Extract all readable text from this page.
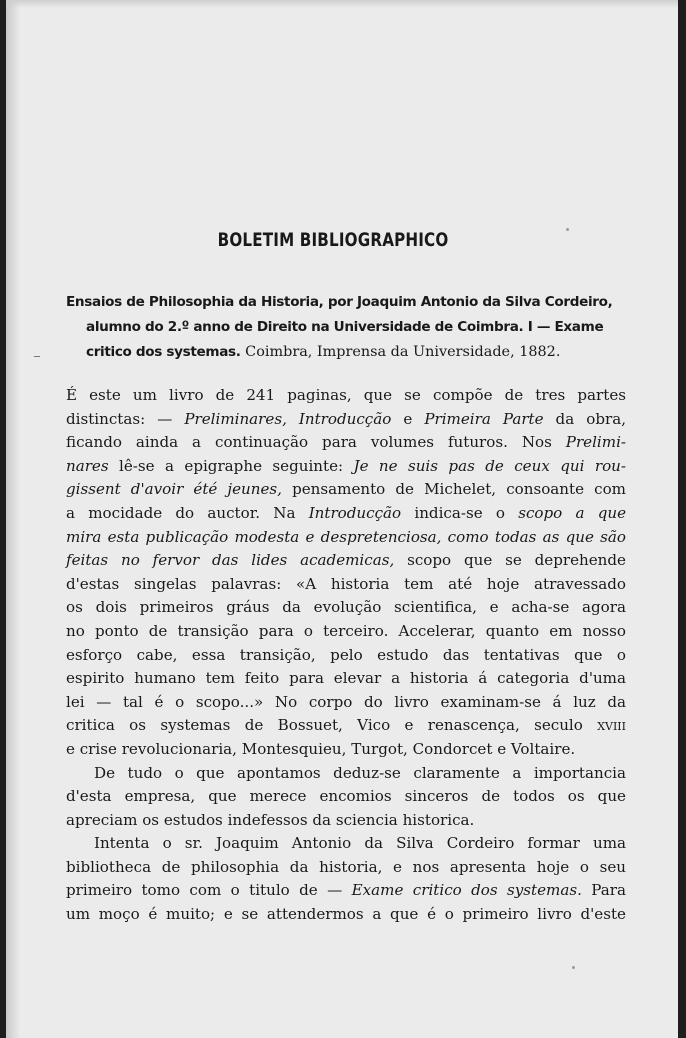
BOLETIM BIBLIOGRAPHICO
Ensaios de Philosophia da Historia, por Joaquim Antonio da Silva Cordeiro,
alumno do 2.º anno de Direito na Universidade de Coimbra. I — Exame
critico dos systemas. Coimbra, Imprensa da Universidade, 1882.
É este um livro de 241 paginas, que se compõe de tres partes
distinctas: — Preliminares, Introducção e Primeira Parte da obra,
ficando ainda a continuação para volumes futuros. Nos Prelimi-
nares lê-se a epigraphe seguinte: Je ne suis pas de ceux qui rou-
gissent d'avoir été jeunes, pensamento de Michelet, consoante com
a mocidade do auctor. Na Introducção indica-se o scopo a que
mira esta publicação modesta e despretenciosa, como todas as que são
feitas no fervor das lides academicas, scopo que se deprehende
d'estas singelas palavras: «A historia tem até hoje atravessado
os dois primeiros gráus da evolução scientifica, e acha-se agora
no ponto de transição para o terceiro. Accelerar, quanto em nosso
esforço cabe, essa transição, pelo estudo das tentativas que o
espirito humano tem feito para elevar a historia á categoria d'uma
lei — tal é o scopo...» No corpo do livro examinam-se á luz da
critica os systemas de Bossuet, Vico e renascença, seculo xviii
e crise revolucionaria, Montesquieu, Turgot, Condorcet e Voltaire.
De tudo o que apontamos deduz-se claramente a importancia
d'esta empresa, que merece encomios sinceros de todos os que
apreciam os estudos indefessos da sciencia historica.
Intenta o sr. Joaquim Antonio da Silva Cordeiro formar uma
bibliotheca de philosophia da historia, e nos apresenta hoje o seu
primeiro tomo com o titulo de — Exame critico dos systemas. Para
um moço é muito; e se attendermos a que é o primeiro livro d'este
